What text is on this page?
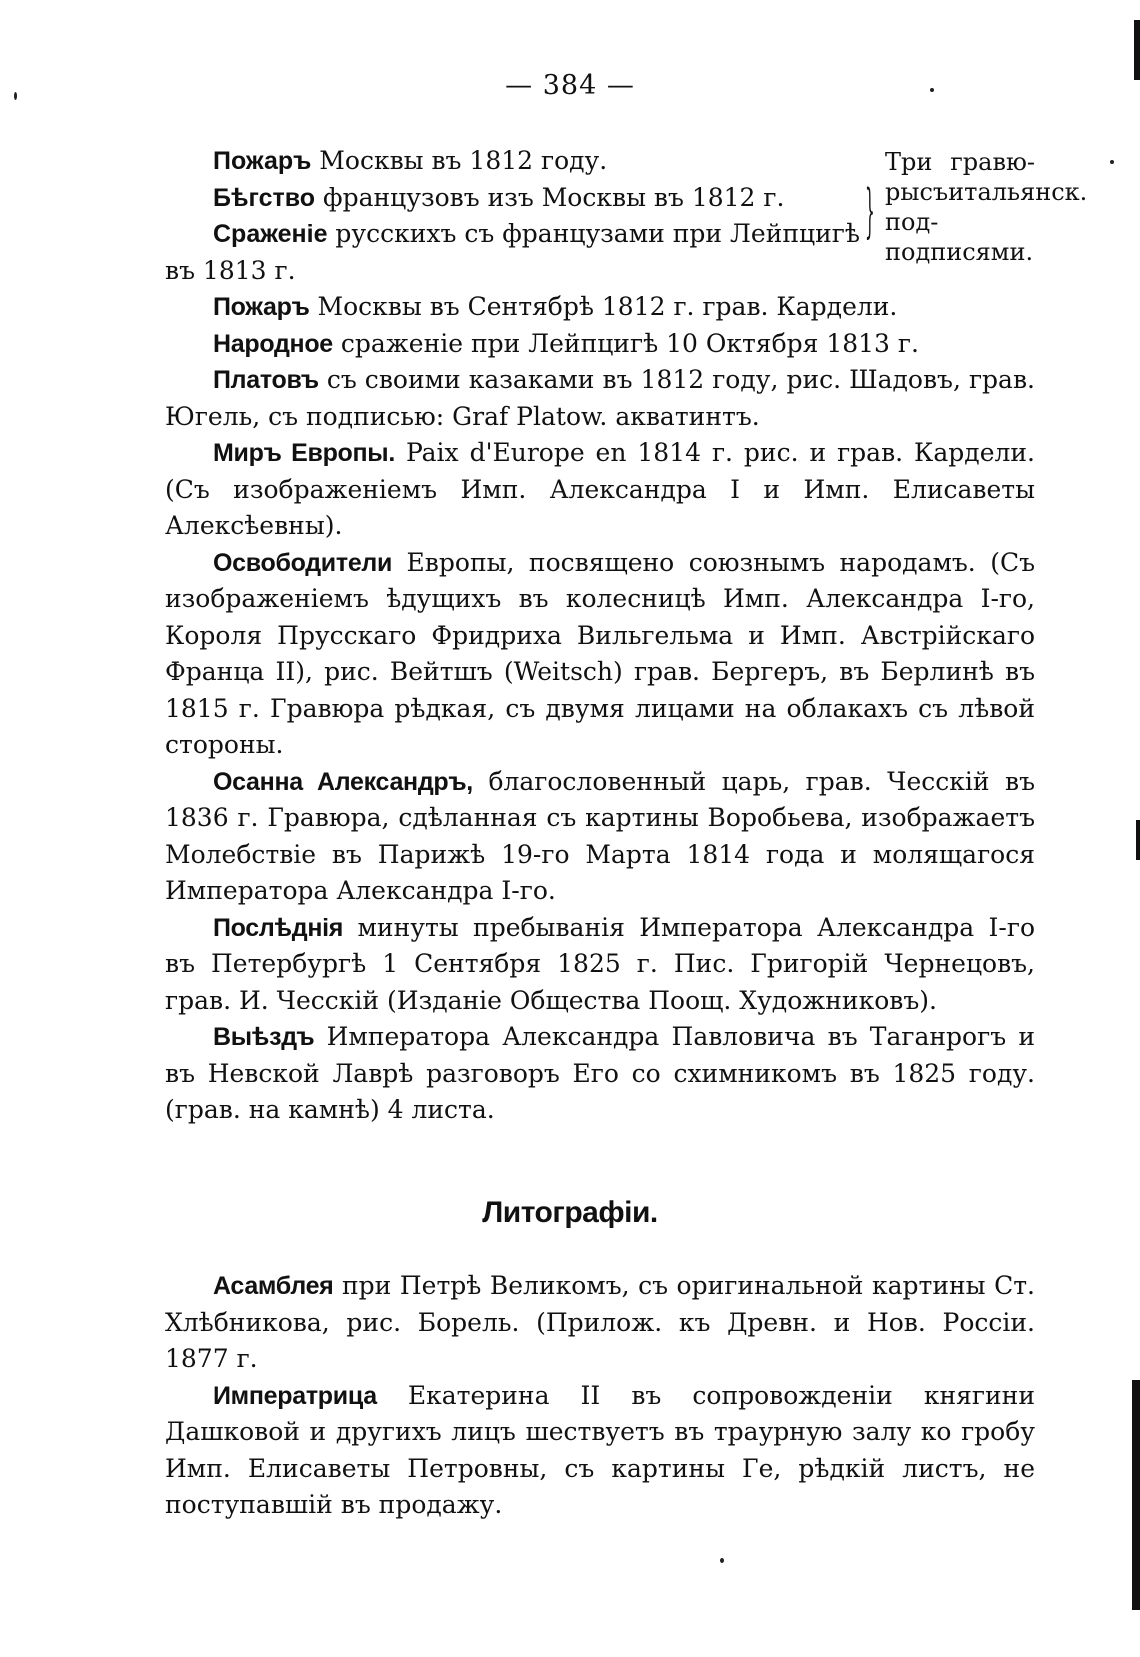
— 384 —
Пожаръ Москвы въ 1812 году.
Бѣгство французовъ изъ Москвы въ 1812 г.
Сраженіе русскихъ съ французами при Лейпцигѣ
въ 1813 г.
}
Три гравю-рысъитальянск. под-подписями.

Пожаръ Москвы въ Сентябрѣ 1812 г. грав. Кардели.

Народное сраженіе при Лейпцигѣ 10 Октября 1813 г.

Платовъ съ своими казаками въ 1812 году, рис. Шадовъ, грав. Югель, съ подписью: Graf Platow. акватинтъ.

Миръ Европы. Paix d'Europe en 1814 г. рис. и грав. Кардели. (Съ изображеніемъ Имп. Александра I и Имп. Елисаветы Алексѣевны).

Освободители Европы, посвящено союзнымъ народамъ. (Съ изображеніемъ ѣдущихъ въ колесницѣ Имп. Александра I-го, Короля Прусскаго Фридриха Вильгельма и Имп. Австрійскаго Франца II), рис. Вейтшъ (Weitsch) грав. Бергеръ, въ Берлинѣ въ 1815 г. Гравюра рѣдкая, съ двумя лицами на облакахъ съ лѣвой стороны.

Осанна Александръ, благословенный царь, грав. Чесскій въ 1836 г. Гравюра, сдѣланная съ картины Воробьева, изображаетъ Молебствіе въ Парижѣ 19-го Марта 1814 года и молящагося Императора Александра I-го.

Послѣднія минуты пребыванія Императора Александра I-го въ Петербургѣ 1 Сентября 1825 г. Пис. Григорій Чернецовъ, грав. И. Чесскій (Изданіе Общества Поощ. Художниковъ).

Выѣздъ Императора Александра Павловича въ Таганрогъ и въ Невской Лаврѣ разговоръ Его со схимникомъ въ 1825 году. (грав. на камнѣ) 4 листа.

Литографіи.

Асамблея при Петрѣ Великомъ, съ оригинальной картины Ст. Хлѣбникова, рис. Борель. (Прилож. къ Древн. и Нов. Россіи. 1877 г.

Императрица Екатерина II въ сопровожденіи княгини Дашковой и другихъ лицъ шествуетъ въ траурную залу ко гробу Имп. Елисаветы Петровны, съ картины Ге, рѣдкій листъ, не поступавшій въ продажу.
